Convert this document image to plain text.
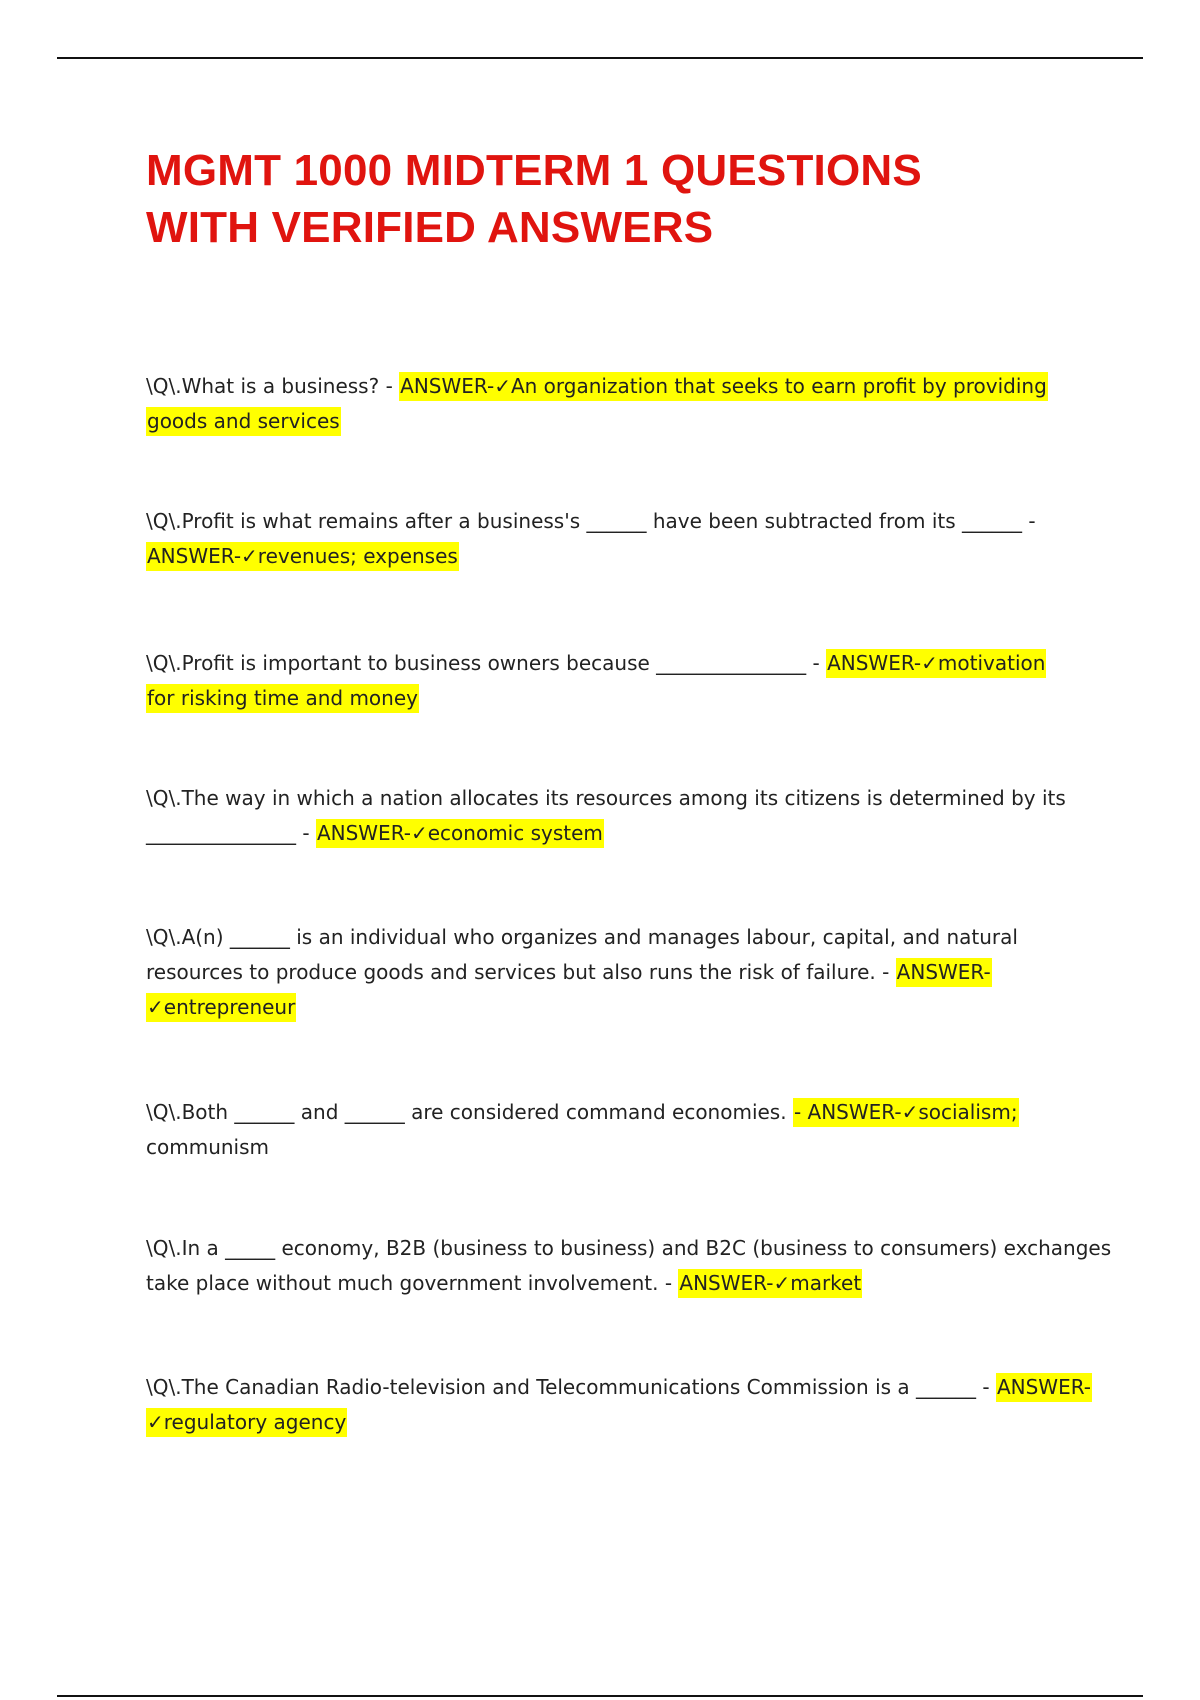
MGMT 1000 MIDTERM 1 QUESTIONS
WITH VERIFIED ANSWERS

\Q\.What is a business? - ANSWER-✓An organization that seeks to earn profit by providing
goods and services

\Q\.Profit is what remains after a business's ______ have been subtracted from its ______ -
ANSWER-✓revenues; expenses

\Q\.Profit is important to business owners because _______________ - ANSWER-✓motivation
for risking time and money

\Q\.The way in which a nation allocates its resources among its citizens is determined by its
_______________ - ANSWER-✓economic system

\Q\.A(n) ______ is an individual who organizes and manages labour, capital, and natural
resources to produce goods and services but also runs the risk of failure. - ANSWER-
✓entrepreneur

\Q\.Both ______ and ______ are considered command economies. - ANSWER-✓socialism;
communism

\Q\.In a _____ economy, B2B (business to business) and B2C (business to consumers) exchanges
take place without much government involvement. - ANSWER-✓market

\Q\.The Canadian Radio-television and Telecommunications Commission is a ______ - ANSWER-
✓regulatory agency
